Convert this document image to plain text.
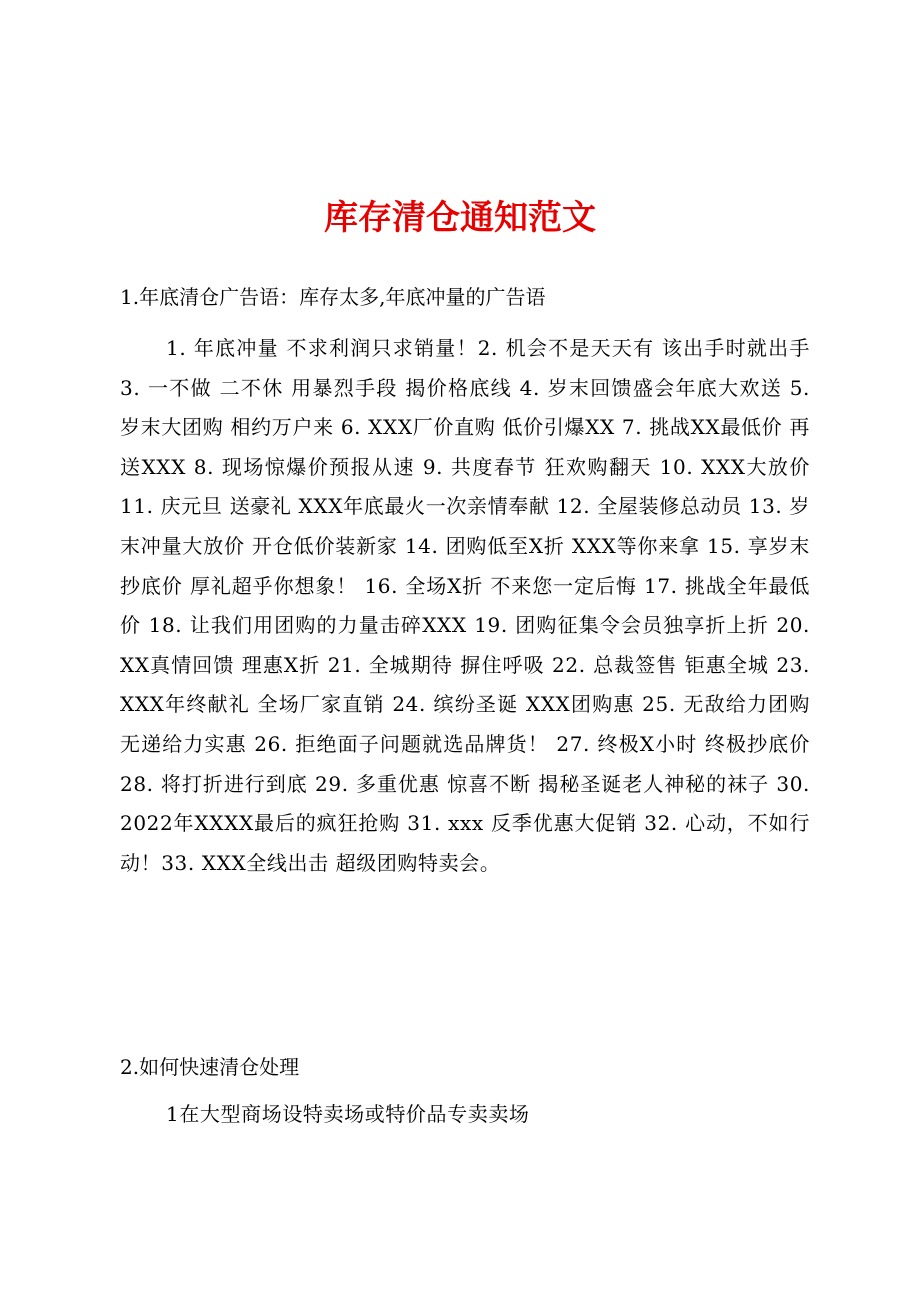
库存清仓通知范文

1.年底清仓广告语：库存太多,年底冲量的广告语

1. 年底冲量 不求利润只求销量！2. 机会不是天天有 该出手时就出手 3. 一不做 二不休 用暴烈手段 揭价格底线 4. 岁末回馈盛会年底大欢送 5. 岁末大团购 相约万户来 6. XXX厂价直购 低价引爆XX 7. 挑战XX最低价 再送XXX 8. 现场惊爆价预报从速 9. 共度春节 狂欢购翻天 10. XXX大放价 11. 庆元旦 送豪礼 XXX年底最火一次亲情奉献 12. 全屋装修总动员 13. 岁末冲量大放价 开仓低价装新家 14. 团购低至X折 XXX等你来拿 15. 享岁末抄底价 厚礼超乎你想象！ 16. 全场X折 不来您一定后悔 17. 挑战全年最低价 18. 让我们用团购的力量击碎XXX 19. 团购征集令会员独享折上折 20. XX真情回馈 理惠X折 21. 全城期待 摒住呼吸 22. 总裁签售 钜惠全城 23. XXX年终献礼 全场厂家直销 24. 缤纷圣诞 XXX团购惠 25. 无敌给力团购无递给力实惠 26. 拒绝面子问题就选品牌货！ 27. 终极X小时 终极抄底价 28. 将打折进行到底 29. 多重优惠 惊喜不断 揭秘圣诞老人神秘的袜子 30. 2022年XXXX最后的疯狂抢购 31. xxx 反季优惠大促销 32. 心动，不如行动！33. XXX全线出击 超级团购特卖会。

2.如何快速清仓处理

1在大型商场设特卖场或特价品专卖卖场
